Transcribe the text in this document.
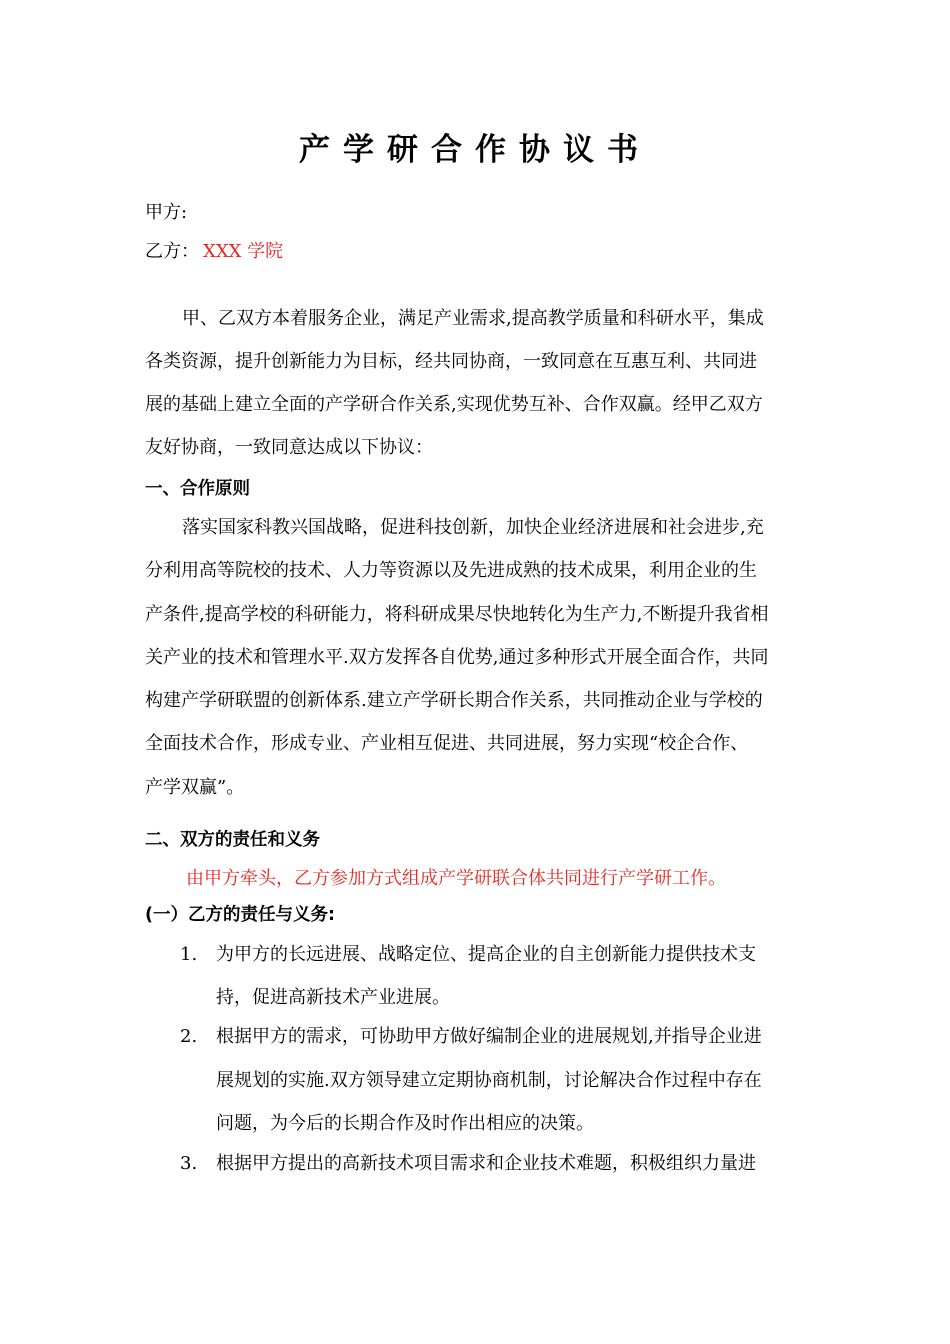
产学研合作协议书
甲方:
乙方： XXX 学院
甲、乙双方本着服务企业，满足产业需求,提高教学质量和科研水平，集成
各类资源，提升创新能力为目标，经共同协商，一致同意在互惠互利、共同进
展的基础上建立全面的产学研合作关系,实现优势互补、合作双赢。经甲乙双方
友好协商，一致同意达成以下协议：
一、合作原则
落实国家科教兴国战略，促进科技创新，加快企业经济进展和社会进步,充
分利用高等院校的技术、人力等资源以及先进成熟的技术成果，利用企业的生
产条件,提高学校的科研能力，将科研成果尽快地转化为生产力,不断提升我省相
关产业的技术和管理水平.双方发挥各自优势,通过多种形式开展全面合作，共同
构建产学研联盟的创新体系.建立产学研长期合作关系，共同推动企业与学校的
全面技术合作，形成专业、产业相互促进、共同进展，努力实现“校企合作、
产学双赢”。
二、双方的责任和义务
由甲方牵头，乙方参加方式组成产学研联合体共同进行产学研工作。
(一）乙方的责任与义务:
1. 为甲方的长远进展、战略定位、提高企业的自主创新能力提供技术支
持，促进高新技术产业进展。
2. 根据甲方的需求，可协助甲方做好编制企业的进展规划,并指导企业进
展规划的实施.双方领导建立定期协商机制，讨论解决合作过程中存在
问题，为今后的长期合作及时作出相应的决策。
3. 根据甲方提出的高新技术项目需求和企业技术难题，积极组织力量进
